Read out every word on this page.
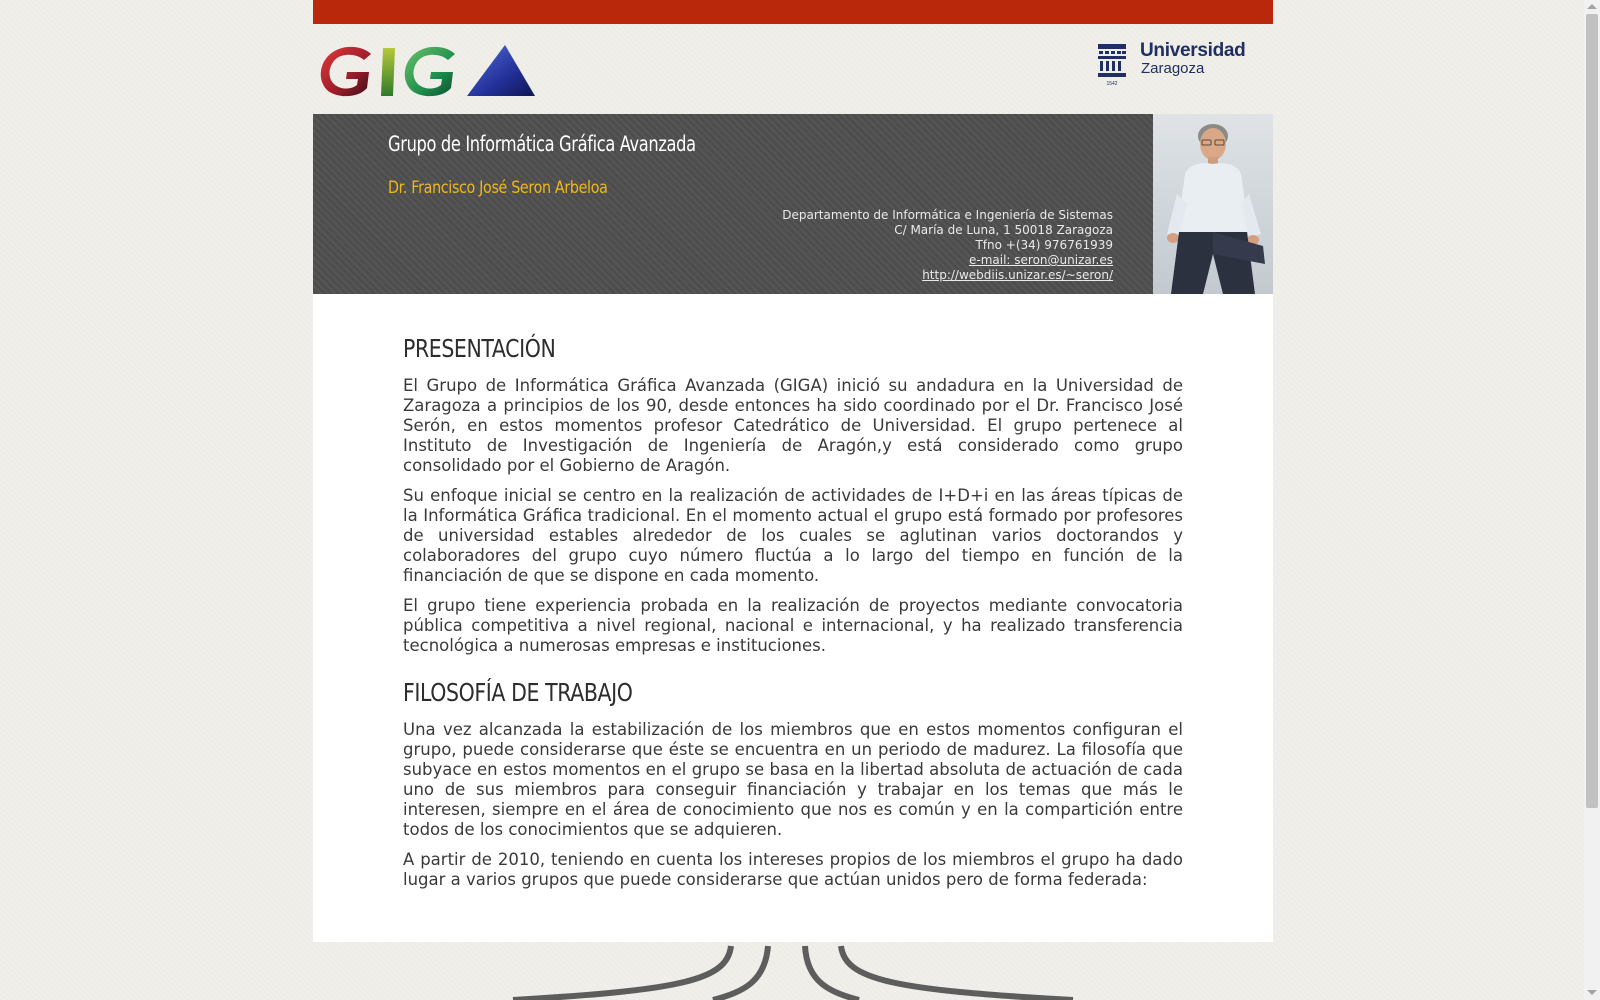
1542
Universidad
Zaragoza
Grupo de Informática Gráfica Avanzada
Dr. Francisco José Seron Arbeloa
Departamento de Informática e Ingeniería de Sistemas
C/ María de Luna, 1 50018 Zaragoza
Tfno +(34) 976761939
e-mail: seron@unizar.es
http://webdiis.unizar.es/~seron/
PRESENTACIÓN

El Grupo de Informática Gráfica Avanzada (GIGA) inició su andadura en la Universidad de Zaragoza a principios de los 90, desde entonces ha sido coordinado por el Dr. Francisco José Serón, en estos momentos profesor Catedrático de Universidad. El grupo pertenece al Instituto de Investigación de Ingeniería de Aragón,y está considerado como grupo consolidado por el Gobierno de Aragón.

Su enfoque inicial se centro en la realización de actividades de I+D+i en las áreas típicas de la Informática Gráfica tradicional. En el momento actual el grupo está formado por profesores de universidad estables alrededor de los cuales se aglutinan varios doctorandos y colaboradores del grupo cuyo número fluctúa a lo largo del tiempo en función de la financiación de que se dispone en cada momento.

El grupo tiene experiencia probada en la realización de proyectos mediante convocatoria pública competitiva a nivel regional, nacional e internacional, y ha realizado transferencia tecnológica a numerosas empresas e instituciones.

FILOSOFÍA DE TRABAJO

Una vez alcanzada la estabilización de los miembros que en estos momentos configuran el grupo, puede considerarse que éste se encuentra en un periodo de madurez. La filosofía que subyace en estos momentos en el grupo se basa en la libertad absoluta de actuación de cada uno de sus miembros para conseguir financiación y trabajar en los temas que más le interesen, siempre en el área de conocimiento que nos es común y en la compartición entre todos de los conocimientos que se adquieren.

A partir de 2010, teniendo en cuenta los intereses propios de los miembros el grupo ha dado lugar a varios grupos que puede considerarse que actúan unidos pero de forma federada:
